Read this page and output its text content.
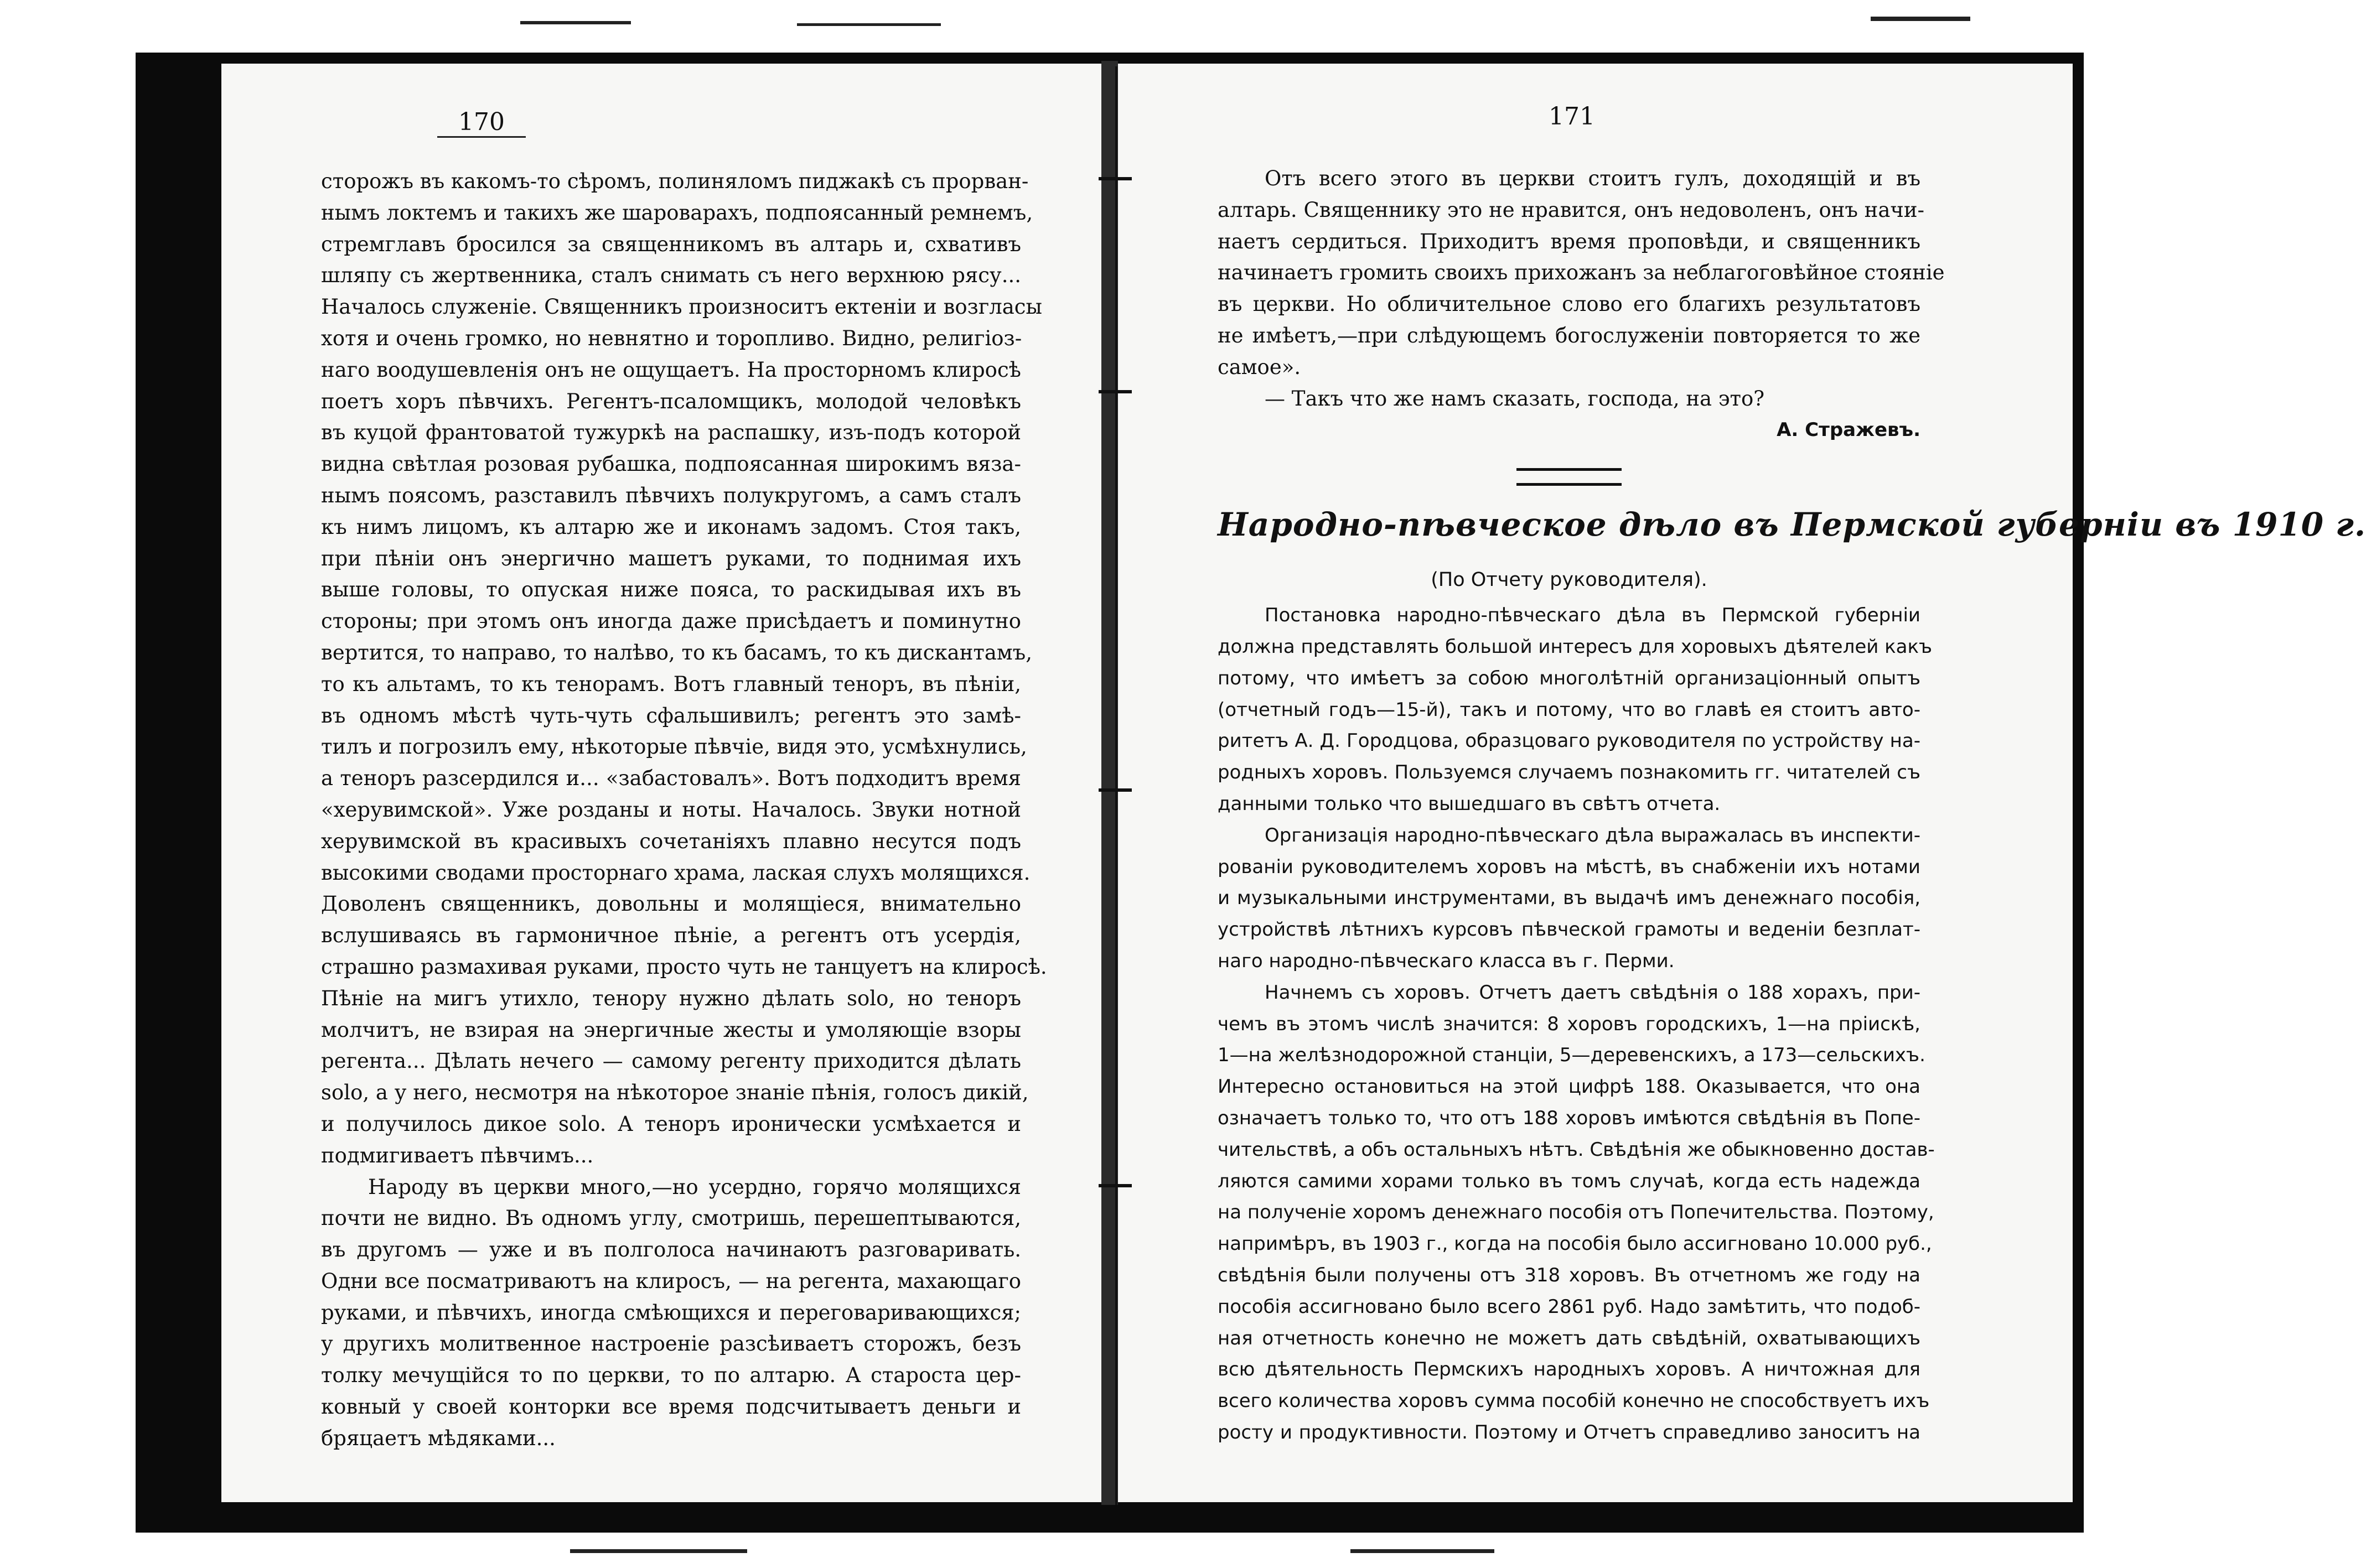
170	171
сторожъ въ какомъ-то сѣромъ, полиняломъ пиджакѣ съ прорван-
нымъ локтемъ и такихъ же шароварахъ, подпоясанный ремнемъ,
стремглавъ бросился за священникомъ въ алтарь и, схвативъ
шляпу съ жертвенника, сталъ снимать съ него верхнюю рясу...
Началось служеніе. Священникъ произноситъ ектеніи и возгласы
хотя и очень громко, но невнятно и торопливо. Видно, религіоз-
наго воодушевленія онъ не ощущаетъ. На просторномъ клиросѣ
поетъ хоръ пѣвчихъ. Регентъ-псаломщикъ, молодой человѣкъ
въ куцой франтоватой тужуркѣ на распашку, изъ-подъ которой
видна свѣтлая розовая рубашка, подпоясанная широкимъ вяза-
нымъ поясомъ, разставилъ пѣвчихъ полукругомъ, а самъ сталъ
къ нимъ лицомъ, къ алтарю же и иконамъ задомъ. Стоя такъ,
при пѣніи онъ энергично машетъ руками, то поднимая ихъ
выше головы, то опуская ниже пояса, то раскидывая ихъ въ
стороны; при этомъ онъ иногда даже присѣдаетъ и поминутно
вертится, то направо, то налѣво, то къ басамъ, то къ дискантамъ,
то къ альтамъ, то къ тенорамъ. Вотъ главный теноръ, въ пѣніи,
въ одномъ мѣстѣ чуть-чуть сфальшивилъ; регентъ это замѣ-
тилъ и погрозилъ ему, нѣкоторые пѣвчіе, видя это, усмѣхнулись,
а теноръ разсердился и... «забастовалъ». Вотъ подходитъ время
«херувимской». Уже розданы и ноты. Началось. Звуки нотной
херувимской въ красивыхъ сочетаніяхъ плавно несутся подъ
высокими сводами просторнаго храма, лаская слухъ молящихся.
Доволенъ священникъ, довольны и молящіеся, внимательно
вслушиваясь въ гармоничное пѣніе, а регентъ отъ усердія,
страшно размахивая руками, просто чуть не танцуетъ на клиросѣ.
Пѣніе на мигъ утихло, тенору нужно дѣлать solo, но теноръ
молчитъ, не взирая на энергичные жесты и умоляющіе взоры
регента... Дѣлать нечего — самому регенту приходится дѣлать
solo, а у него, несмотря на нѣкоторое знаніе пѣнія, голосъ дикій,
и получилось дикое solo. А теноръ иронически усмѣхается и
подмигиваетъ пѣвчимъ...
Народу въ церкви много,—но усердно, горячо молящихся
почти не видно. Въ одномъ углу, смотришь, перешептываются,
въ другомъ — уже и въ полголоса начинаютъ разговаривать.
Одни все посматриваютъ на клиросъ, — на регента, махающаго
руками, и пѣвчихъ, иногда смѣющихся и переговаривающихся;
у другихъ молитвенное настроеніе разсѣиваетъ сторожъ, безъ
толку мечущійся то по церкви, то по алтарю. А староста цер-
ковный у своей конторки все время подсчитываетъ деньги и
бряцаетъ мѣдяками...
Отъ всего этого въ церкви стоитъ гулъ, доходящій и въ
алтарь. Священнику это не нравится, онъ недоволенъ, онъ начи-
наетъ сердиться. Приходитъ время проповѣди, и священникъ
начинаетъ громить своихъ прихожанъ за неблагоговѣйное стояніе
въ церкви. Но обличительное слово его благихъ результатовъ
не имѣетъ,—при слѣдующемъ богослуженіи повторяется то же
самое».
— Такъ что же намъ сказать, господа, на это?
А. Стражевъ.
Народно-пѣвческое дѣло въ Пермской губерніи въ 1910 г.
(По Отчету руководителя).
Постановка народно-пѣвческаго дѣла въ Пермской губерніи
должна представлять большой интересъ для хоровыхъ дѣятелей какъ
потому, что имѣетъ за собою многолѣтній организаціонный опытъ
(отчетный годъ—15-й), такъ и потому, что во главѣ ея стоитъ авто-
ритетъ А. Д. Городцова, образцоваго руководителя по устройству на-
родныхъ хоровъ. Пользуемся случаемъ познакомить гг. читателей съ
данными только что вышедшаго въ свѣтъ отчета.
Организація народно-пѣвческаго дѣла выражалась въ инспекти-
рованіи руководителемъ хоровъ на мѣстѣ, въ снабженіи ихъ нотами
и музыкальными инструментами, въ выдачѣ имъ денежнаго пособія,
устройствѣ лѣтнихъ курсовъ пѣвческой грамоты и веденіи безплат-
наго народно-пѣвческаго класса въ г. Перми.
Начнемъ съ хоровъ. Отчетъ даетъ свѣдѣнія о 188 хорахъ, при-
чемъ въ этомъ числѣ значится: 8 хоровъ городскихъ, 1—на пріискѣ,
1—на желѣзнодорожной станціи, 5—деревенскихъ, а 173—сельскихъ.
Интересно остановиться на этой цифрѣ 188. Оказывается, что она
означаетъ только то, что отъ 188 хоровъ имѣются свѣдѣнія въ Попе-
чительствѣ, а объ остальныхъ нѣтъ. Свѣдѣнія же обыкновенно достав-
ляются самими хорами только въ томъ случаѣ, когда есть надежда
на полученіе хоромъ денежнаго пособія отъ Попечительства. Поэтому,
напримѣръ, въ 1903 г., когда на пособія было ассигновано 10.000 руб.,
свѣдѣнія были получены отъ 318 хоровъ. Въ отчетномъ же году на
пособія ассигновано было всего 2861 руб. Надо замѣтить, что подоб-
ная отчетность конечно не можетъ дать свѣдѣній, охватывающихъ
всю дѣятельность Пермскихъ народныхъ хоровъ. А ничтожная для
всего количества хоровъ сумма пособій конечно не способствуетъ ихъ
росту и продуктивности. Поэтому и Отчетъ справедливо заноситъ на
